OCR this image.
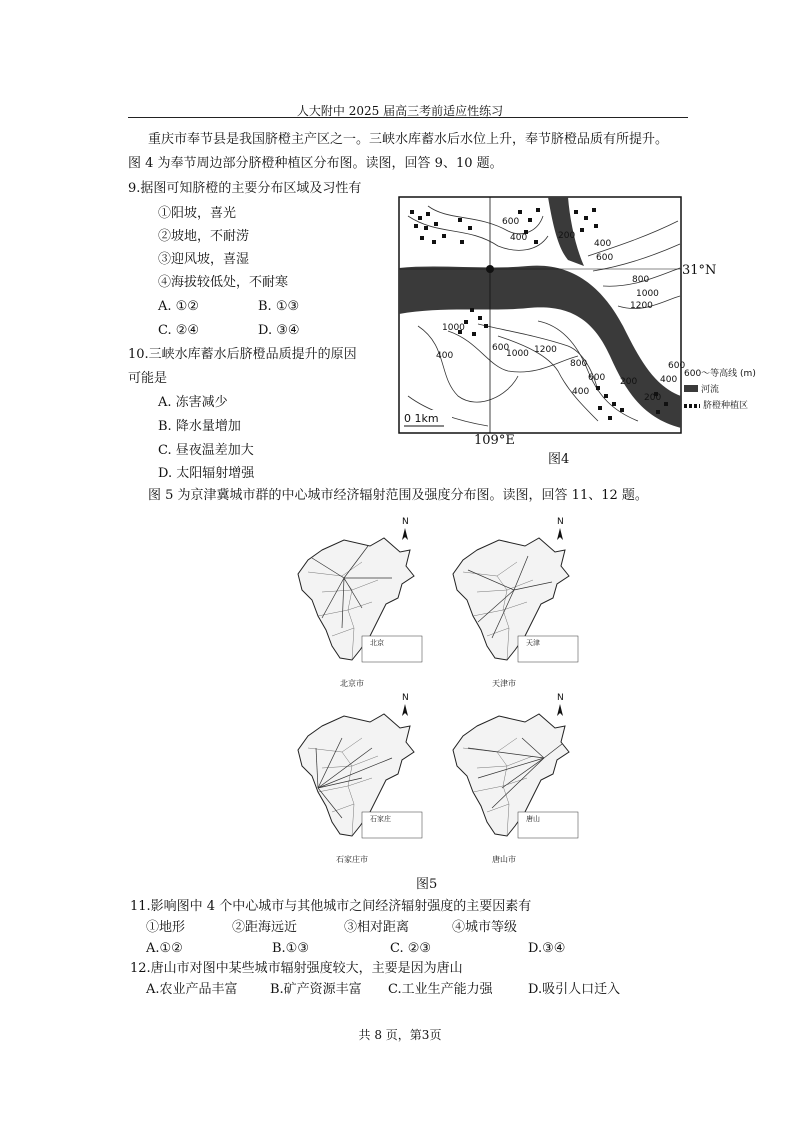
人大附中 2025 届高三考前适应性练习
重庆市奉节县是我国脐橙主产区之一。三峡水库蓄水后水位上升，奉节脐橙品质有所提升。
图 4 为奉节周边部分脐橙种植区分布图。读图，回答 9、10 题。
9.据图可知脐橙的主要分布区域及习性有
①阳坡，喜光
②坡地，不耐涝
③迎风坡，喜湿
④海拔较低处，不耐寒
A. ①②	B. ①③
C. ②④	D. ③④
10.三峡水库蓄水后脐橙品质提升的原因
可能是
A. 冻害减少
B. 降水量增加
C. 昼夜温差加大
D. 太阳辐射增强
600
400	200
400
600
800
1000
1200
1000
400
600
1000 1200
800
600
400
200
200
400
600
0 1km
31°N
109°E
图4
600～等高线 (m)
河流
脐橙种植区
图 5 为京津冀城市群的中心城市经济辐射范围及强度分布图。读图，回答 11、12 题。
N	N
N	N
北京	天津
石家庄	唐山
北京市	天津市
石家庄市	唐山市
图5
11.影响图中 4 个中心城市与其他城市之间经济辐射强度的主要因素有
①地形	②距海远近	③相对距离	④城市等级
A.①②	B.①③	C. ②③	D.③④
12.唐山市对图中某些城市辐射强度较大，主要是因为唐山
A.农业产品丰富 B.矿产资源丰富 C.工业生产能力强	D.吸引人口迁入
共 8 页，第3页
